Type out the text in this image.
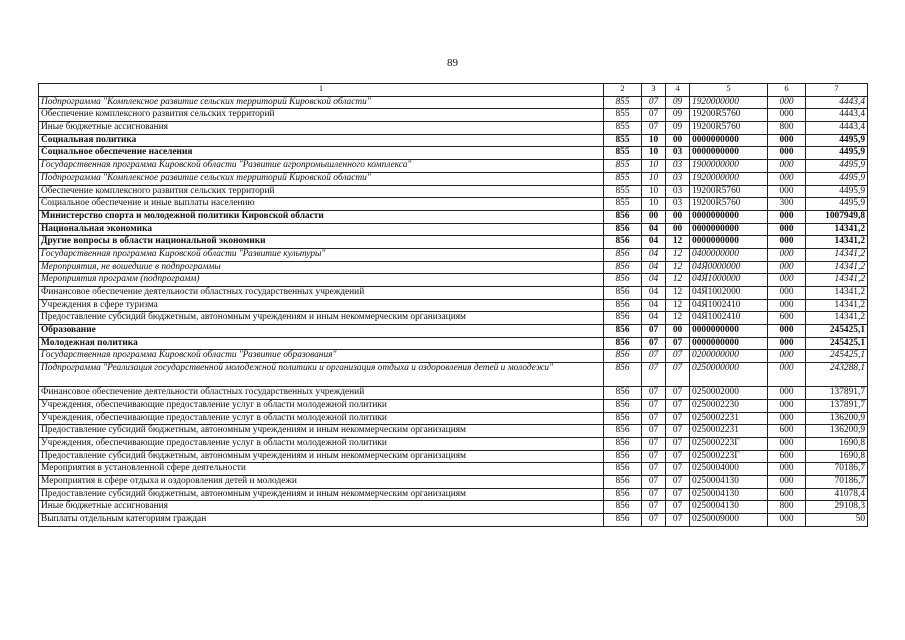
89
1	2	3	4	5	6	7
Подпрограмма "Комплексное развитие сельских территорий Кировской области"	855	07	09	1920000000	000	4443,4
Обеспечение комплексного развития сельских территорий	855	07	09	19200R5760	000	4443,4
Иные бюджетные ассигнования	855	07	09	19200R5760	800	4443,4
Социальная политика	855	10	00	0000000000	000	4495,9
Социальное обеспечение населения	855	10	03	0000000000	000	4495,9
Государственная программа Кировской области "Развитие агропромышленного комплекса"	855	10	03	1900000000	000	4495,9
Подпрограмма "Комплексное развитие сельских территорий Кировской области"	855	10	03	1920000000	000	4495,9
Обеспечение комплексного развития сельских территорий	855	10	03	19200R5760	000	4495,9
Социальное обеспечение и иные выплаты населению	855	10	03	19200R5760	300	4495,9
Министерство спорта и молодежной политики Кировской области	856	00	00	0000000000	000	1007949,8
Национальная экономика	856	04	00	0000000000	000	14341,2
Другие вопросы в области национальной экономики	856	04	12	0000000000	000	14341,2
Государственная программа Кировской области "Развитие культуры"	856	04	12	0400000000	000	14341,2
Мероприятия, не вошедшие в подпрограммы	856	04	12	04Я0000000	000	14341,2
Мероприятия программ (подпрограмм)	856	04	12	04Я1000000	000	14341,2
Финансовое обеспечение деятельности областных государственных учреждений	856	04	12	04Я1002000	000	14341,2
Учреждения в сфере туризма	856	04	12	04Я1002410	000	14341,2
Предоставление субсидий бюджетным, автономным учреждениям и иным некоммерческим организациям	856	04	12	04Я1002410	600	14341,2
Образование	856	07	00	0000000000	000	245425,1
Молодежная политика	856	07	07	0000000000	000	245425,1
Государственная программа Кировской области "Развитие образования"	856	07	07	0200000000	000	245425,1
Подпрограмма "Реализация государственной молодежной политики и организация отдыха и оздоровления детей и молодежи"	856	07	07	0250000000	000	243288,1
Финансовое обеспечение деятельности областных государственных учреждений	856	07	07	0250002000	000	137891,7
Учреждения, обеспечивающие предоставление услуг в области молодежной политики	856	07	07	0250002230	000	137891,7
Учреждения, обеспечивающие предоставление услуг в области молодежной политики	856	07	07	0250002231	000	136200,9
Предоставление субсидий бюджетным, автономным учреждениям и иным некоммерческим организациям	856	07	07	0250002231	600	136200,9
Учреждения, обеспечивающие предоставление услуг в области молодежной политики	856	07	07	025000223Г	000	1690,8
Предоставление субсидий бюджетным, автономным учреждениям и иным некоммерческим организациям	856	07	07	025000223Г	600	1690,8
Мероприятия в установленной сфере деятельности	856	07	07	0250004000	000	70186,7
Мероприятия в сфере отдыха и оздоровления детей и молодежи	856	07	07	0250004130	000	70186,7
Предоставление субсидий бюджетным, автономным учреждениям и иным некоммерческим организациям	856	07	07	0250004130	600	41078,4
Иные бюджетные ассигнования	856	07	07	0250004130	800	29108,3
Выплаты отдельным категориям граждан	856	07	07	0250009000	000	50
